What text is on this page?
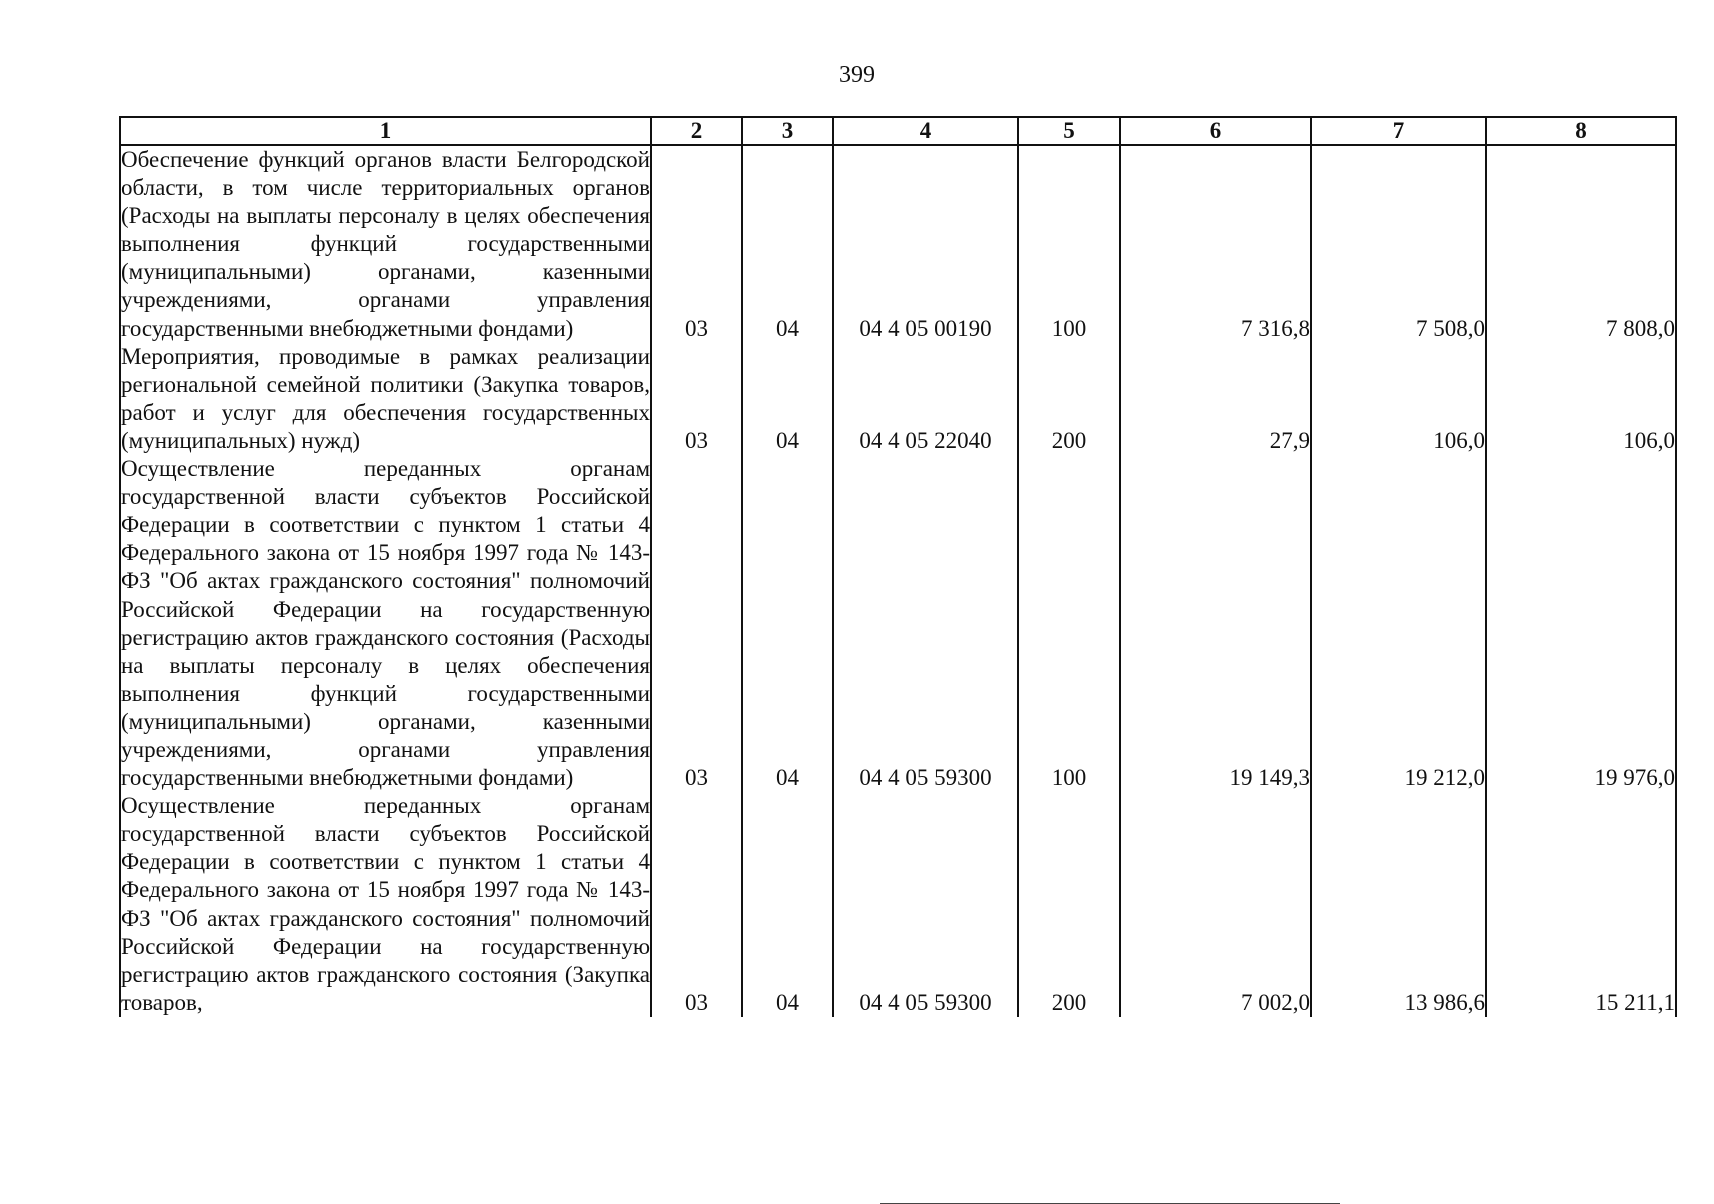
399
1	2	3	4	5	6	7	8
Обеспечение функций органов власти Белгородской области, в том числе территориальных органов (Расходы на выплаты персоналу в целях обеспечения выполнения функций государственными (муниципальными) органами, казенными учреждениями, органами управления государственными внебюджетными фондами)	03	04	04 4 05 00190	100	7 316,8	7 508,0	7 808,0
Мероприятия, проводимые в рамках реализации региональной семейной политики (Закупка товаров, работ и услуг для обеспечения государственных (муниципальных) нужд)	03	04	04 4 05 22040	200	27,9	106,0	106,0
Осуществление переданных органам государственной власти субъектов Российской Федерации в соответствии с пунктом 1 статьи 4 Федерального закона от 15 ноября 1997 года № 143-ФЗ "Об актах гражданского состояния" полномочий Российской Федерации на государственную регистрацию актов гражданского состояния (Расходы на выплаты персоналу в целях обеспечения выполнения функций государственными (муниципальными) органами, казенными учреждениями, органами управления государственными внебюджетными фондами)	03	04	04 4 05 59300	100	19 149,3	19 212,0	19 976,0
Осуществление переданных органам государственной власти субъектов Российской Федерации в соответствии с пунктом 1 статьи 4 Федерального закона от 15 ноября 1997 года № 143-ФЗ "Об актах гражданского состояния" полномочий Российской Федерации на государственную регистрацию актов гражданского состояния (Закупка товаров,	03	04	04 4 05 59300	200	7 002,0	13 986,6	15 211,1
